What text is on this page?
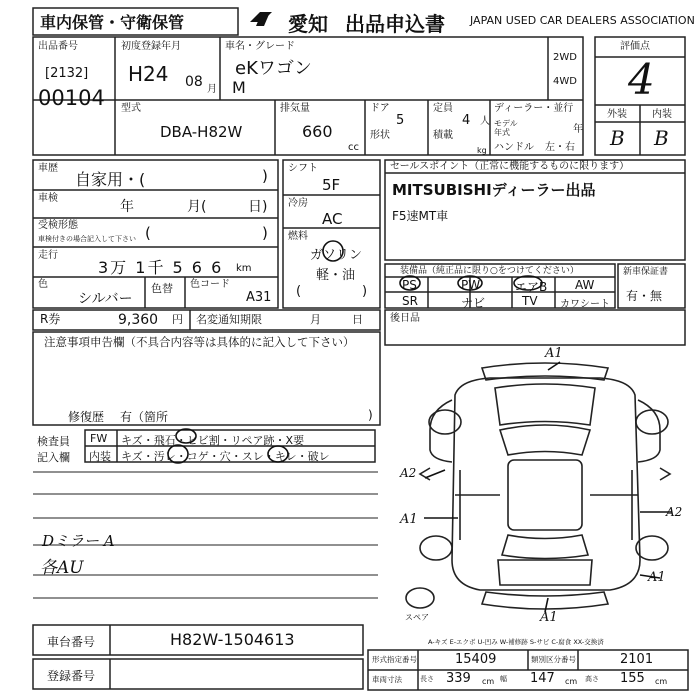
車内保管・守衛保管	愛知 出品申込書 JAPAN USED CAR DEALERS ASSOCIATION
出品番号
[2132]
00104
初度登録年月
H24 08 月
車名・グレード
eKワゴン
M
2WD
4WD
評価点
4
外装	内装
B B
型式
DBA-H82W
排気量
660
cc
ドア
5
形状
定員
4 人
積載
kg
ディーラー・並行
モデル 年式	年
ハンドル 左・右
車歴
自家用・(	)
車検
年	月(	日)
受検形態
車検付きの場合記入して下さい (	)
走行
3万 1千 5 6 6 km
色
シルバー
色替 色コード
A31
シフト
5F
冷房
AC
燃料
ガソリン
軽・油
(	)
セールスポイント（正常に機能するものに限ります）
MITSUBISHIディーラー出品
F5速MT車
装備品（純正品に限り○をつけてください）
PS	PW	エアB AW
SR	ナビ	TV カワシート
新車保証書
有・無
R券	9,360 円 名変通知期限	月	日	後日品
注意事項申告欄（不具合内容等は具体的に記入して下さい）
修復歴 有（箇所	)
検査員
記入欄
FW キズ・飛石・ヒビ割・リペア跡・X要
内装 キズ・汚レ・コゲ・穴・スレ・キレ・破レ
Dミラー A
各AU
A1
A1
A2
A1	A2
A1
スペア
A-キズ E-エクボ U-凹み W-補修跡 S-サビ C-腐食 XX-交換済
車台番号	H82W-1504613
登録番号
形式指定番号	15409	類別区分番号	2101
車両寸法	長さ 339 cm 幅 147 cm 高さ 155 cm
